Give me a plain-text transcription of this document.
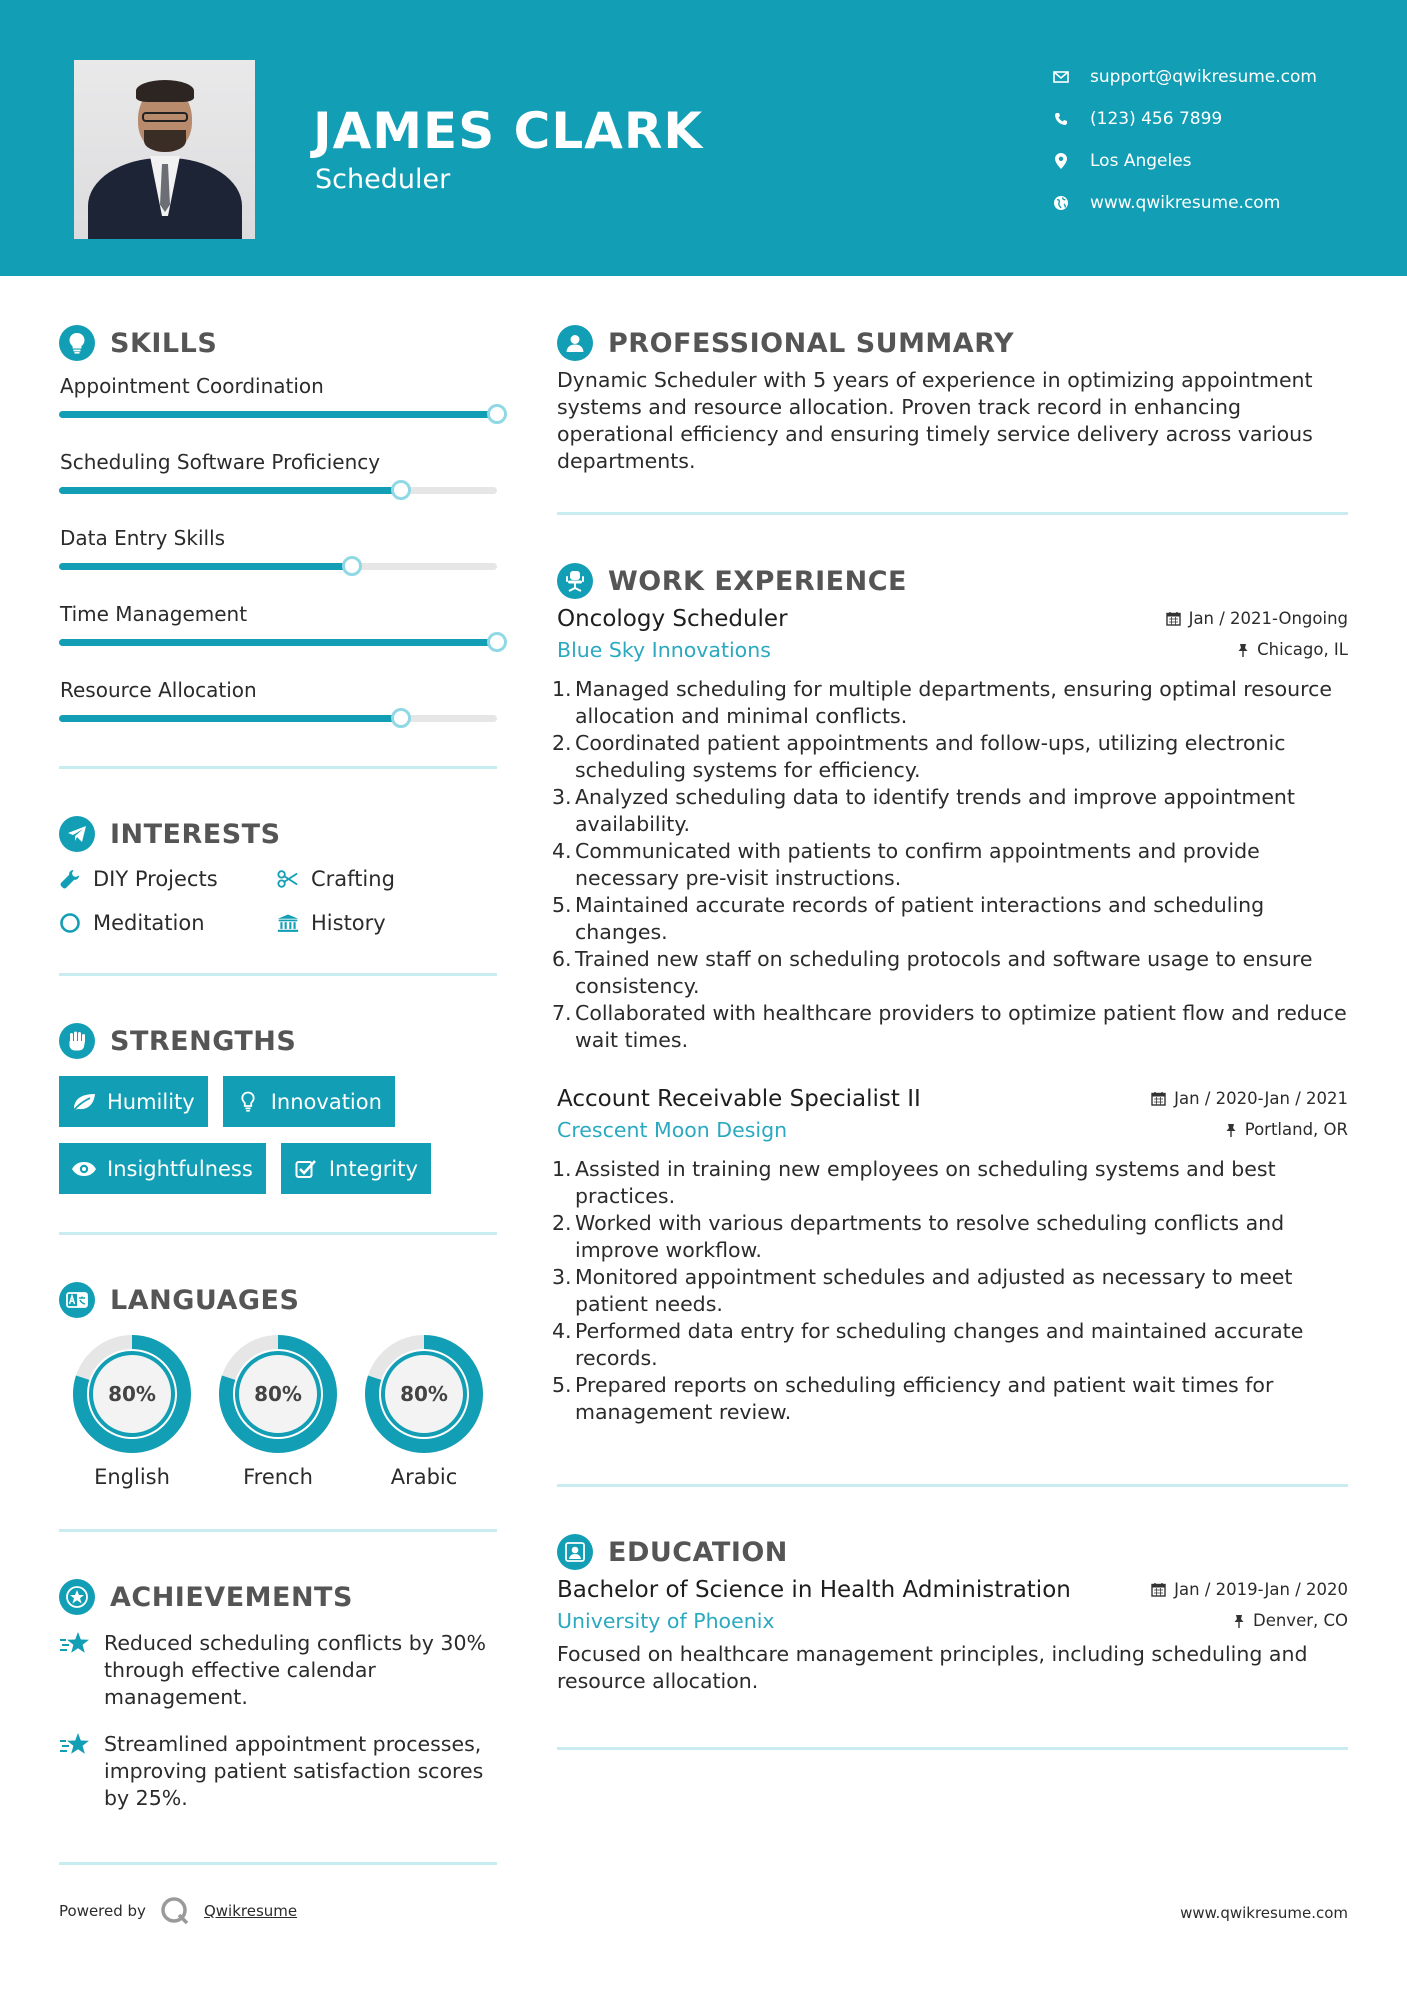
JAMES CLARK
Scheduler
support@qwikresume.com
(123) 456 7899
Los Angeles
www.qwikresume.com
SKILLS
Appointment Coordination
Scheduling Software Proficiency
Data Entry Skills
Time Management
Resource Allocation
INTERESTS
DIY Projects	Crafting
Meditation	History
STRENGTHS
Humility	Innovation
Insightfulness	Integrity
LANGUAGES
80%
English
80%
French
80%
Arabic
ACHIEVEMENTS
Reduced scheduling conflicts by 30% through effective calendar management.
Streamlined appointment processes, improving patient satisfaction scores by 25%.
PROFESSIONAL SUMMARY

Dynamic Scheduler with 5 years of experience in optimizing appointment systems and resource allocation. Proven track record in enhancing operational efficiency and ensuring timely service delivery across various departments.

WORK EXPERIENCE
Oncology Scheduler	Jan / 2021-Ongoing
Blue Sky Innovations	Chicago, IL
1. Managed scheduling for multiple departments, ensuring optimal resource allocation and minimal conflicts.
2. Coordinated patient appointments and follow-ups, utilizing electronic scheduling systems for efficiency.
3. Analyzed scheduling data to identify trends and improve appointment availability.
4. Communicated with patients to confirm appointments and provide necessary pre-visit instructions.
5. Maintained accurate records of patient interactions and scheduling changes.
6. Trained new staff on scheduling protocols and software usage to ensure consistency.
7. Collaborated with healthcare providers to optimize patient flow and reduce wait times.
Account Receivable Specialist II	Jan / 2020-Jan / 2021
Crescent Moon Design	Portland, OR
1. Assisted in training new employees on scheduling systems and best practices.
2. Worked with various departments to resolve scheduling conflicts and improve workflow.
3. Monitored appointment schedules and adjusted as necessary to meet patient needs.
4. Performed data entry for scheduling changes and maintained accurate records.
5. Prepared reports on scheduling efficiency and patient wait times for management review.
EDUCATION
Bachelor of Science in Health Administration	Jan / 2019-Jan / 2020
University of Phoenix	Denver, CO

Focused on healthcare management principles, including scheduling and resource allocation.

Powered by	Qwikresume	www.qwikresume.com
